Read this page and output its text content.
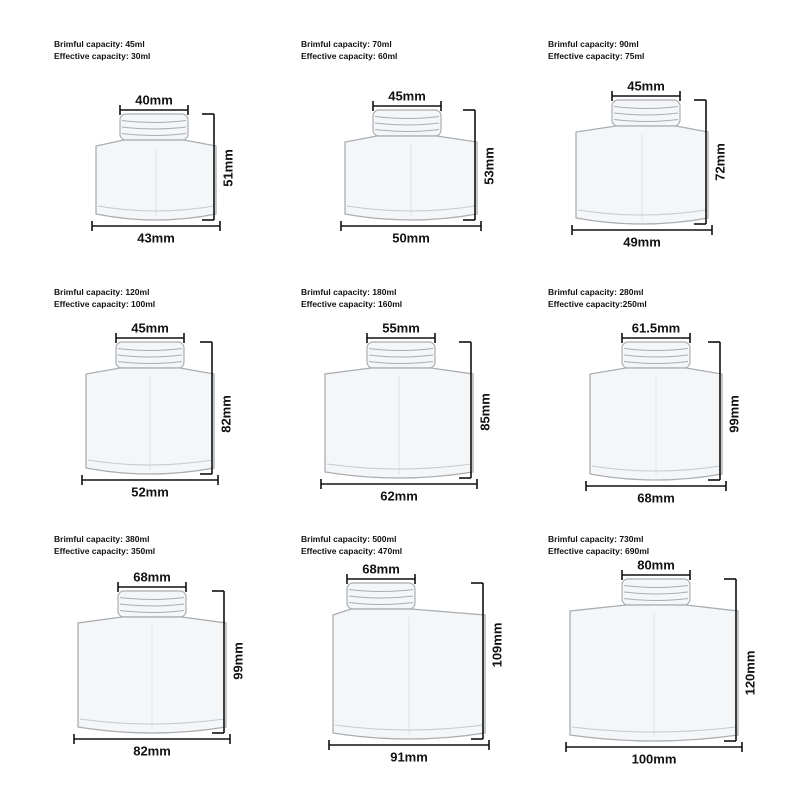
Brimful capacity: 45ml
Effective capacity: 30ml
40mm
43mm
51mm
Brimful capacity: 70ml
Effective capacity: 60ml
45mm
50mm
53mm
Brimful capacity: 90ml
Effective capacity: 75ml
45mm
49mm
72mm
Brimful capacity: 120ml
Effective capacity: 100ml
45mm
52mm
82mm
Brimful capacity: 180ml
Effective capacity: 160ml
55mm
62mm
85mm
Brimful capacity: 280ml
Effective capacity:250ml
61.5mm
68mm
99mm
Brimful capacity: 380ml
Effective capacity: 350ml
68mm
82mm
99mm
Brimful capacity: 500ml
Effective capacity: 470ml
68mm
91mm
109mm
Brimful capacity: 730ml
Effective capacity: 690ml
80mm
100mm
120mm
